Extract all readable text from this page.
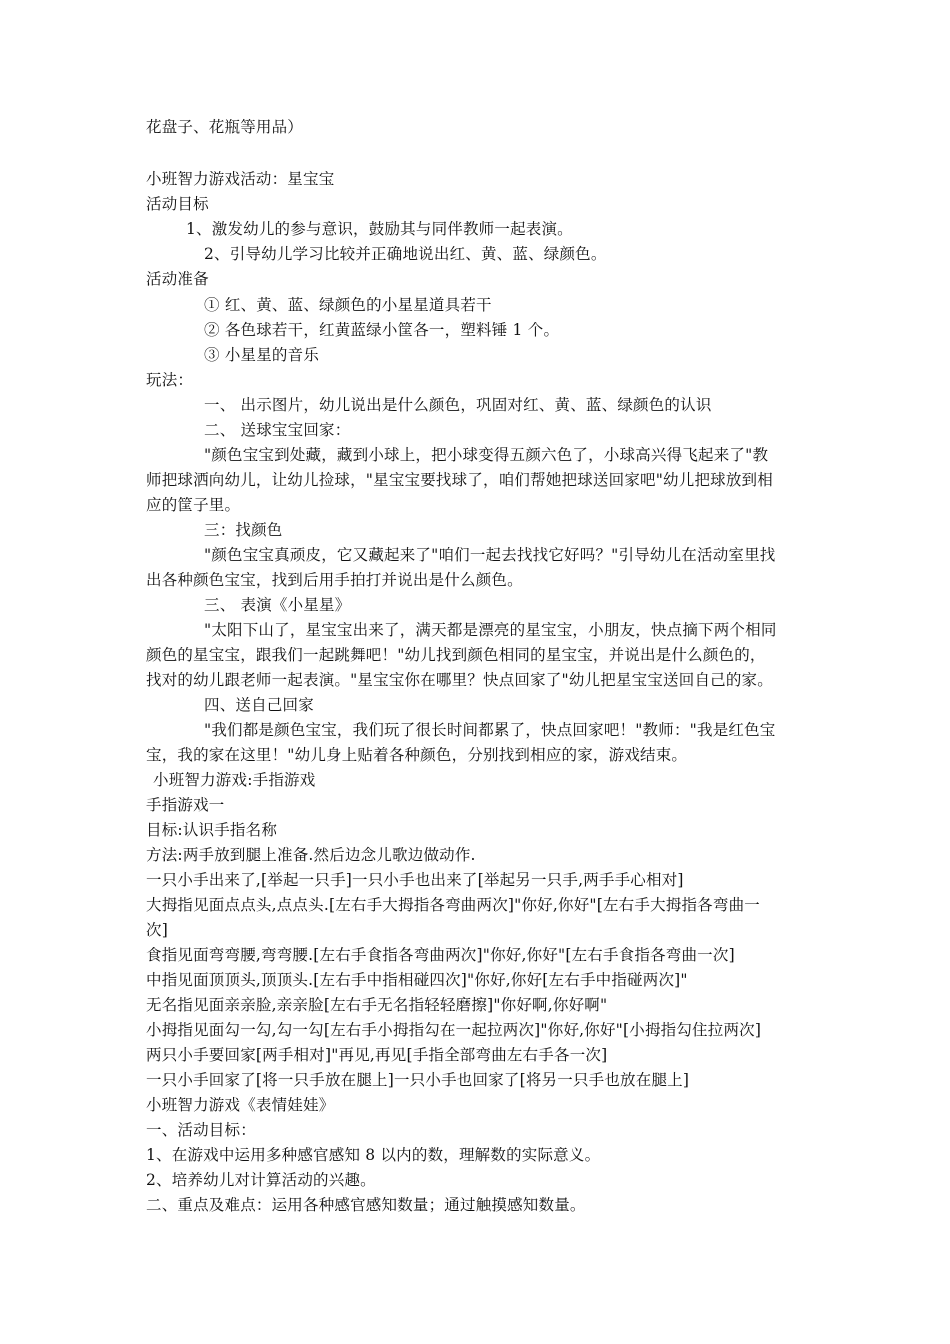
花盘子、花瓶等用品）
小班智力游戏活动：星宝宝
活动目标
1、激发幼儿的参与意识，鼓励其与同伴教师一起表演。
2、引导幼儿学习比较并正确地说出红、黄、蓝、绿颜色。
活动准备
① 红、黄、蓝、绿颜色的小星星道具若干
② 各色球若干，红黄蓝绿小筐各一，塑料锤 1 个。
③ 小星星的音乐
玩法：
一、 出示图片，幼儿说出是什么颜色，巩固对红、黄、蓝、绿颜色的认识
二、 送球宝宝回家：
"颜色宝宝到处藏，藏到小球上，把小球变得五颜六色了，小球高兴得飞起来了"教
师把球洒向幼儿，让幼儿捡球，"星宝宝要找球了，咱们帮她把球送回家吧"幼儿把球放到相
应的筐子里。
三：找颜色
"颜色宝宝真顽皮，它又藏起来了"咱们一起去找找它好吗？"引导幼儿在活动室里找
出各种颜色宝宝，找到后用手拍打并说出是什么颜色。
三、 表演《小星星》
"太阳下山了，星宝宝出来了，满天都是漂亮的星宝宝，小朋友，快点摘下两个相同
颜色的星宝宝，跟我们一起跳舞吧！"幼儿找到颜色相同的星宝宝，并说出是什么颜色的，
找对的幼儿跟老师一起表演。"星宝宝你在哪里？快点回家了"幼儿把星宝宝送回自己的家。
四、送自己回家
"我们都是颜色宝宝，我们玩了很长时间都累了，快点回家吧！"教师："我是红色宝
宝，我的家在这里！"幼儿身上贴着各种颜色，分别找到相应的家，游戏结束。
小班智力游戏:手指游戏
手指游戏一
目标:认识手指名称
方法:两手放到腿上准备.然后边念儿歌边做动作.
一只小手出来了,[举起一只手]一只小手也出来了[举起另一只手,两手手心相对]
大拇指见面点点头,点点头.[左右手大拇指各弯曲两次]"你好,你好"[左右手大拇指各弯曲一
次]
食指见面弯弯腰,弯弯腰.[左右手食指各弯曲两次]"你好,你好"[左右手食指各弯曲一次]
中指见面顶顶头,顶顶头.[左右手中指相碰四次]"你好,你好[左右手中指碰两次]"
无名指见面亲亲脸,亲亲脸[左右手无名指轻轻磨擦]"你好啊,你好啊"
小拇指见面勾一勾,勾一勾[左右手小拇指勾在一起拉两次]"你好,你好"[小拇指勾住拉两次]
两只小手要回家[两手相对]"再见,再见[手指全部弯曲左右手各一次]
一只小手回家了[将一只手放在腿上]一只小手也回家了[将另一只手也放在腿上]
小班智力游戏《表情娃娃》
一、活动目标：
1、在游戏中运用多种感官感知 8 以内的数，理解数的实际意义。
2、培养幼儿对计算活动的兴趣。
二、重点及难点：运用各种感官感知数量；通过触摸感知数量。
